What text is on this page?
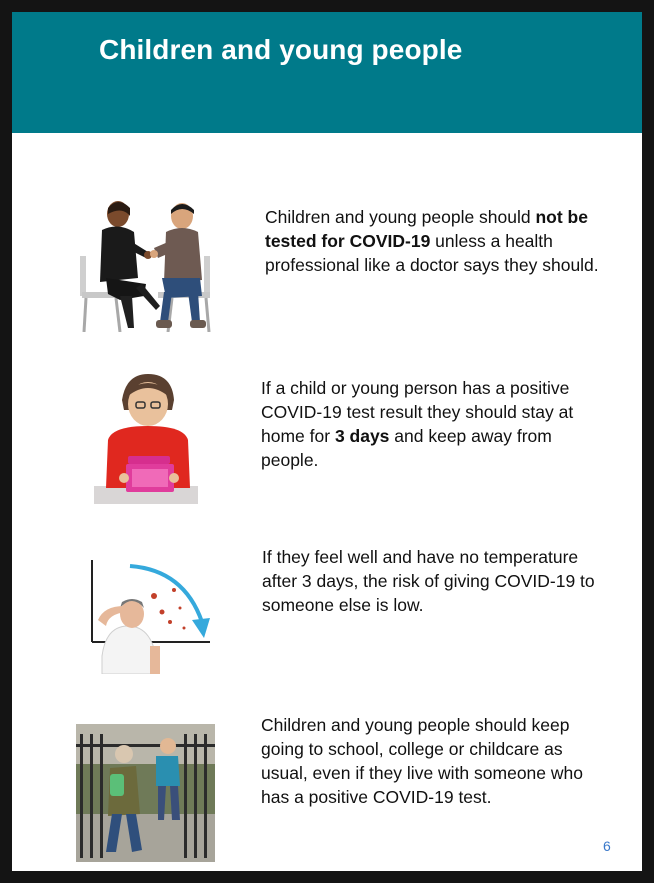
Children and young people

Children and young people should not be tested for COVID-19 unless a health professional like a doctor says they should.

If a child or young person has a positive COVID-19 test result they should stay at home for 3 days and keep away from people.

If they feel well and have no temperature after 3 days, the risk of giving COVID-19 to someone else is low.

Children and young people should keep going to school, college or childcare as usual, even if they live with someone who has a positive COVID-19 test.

6
